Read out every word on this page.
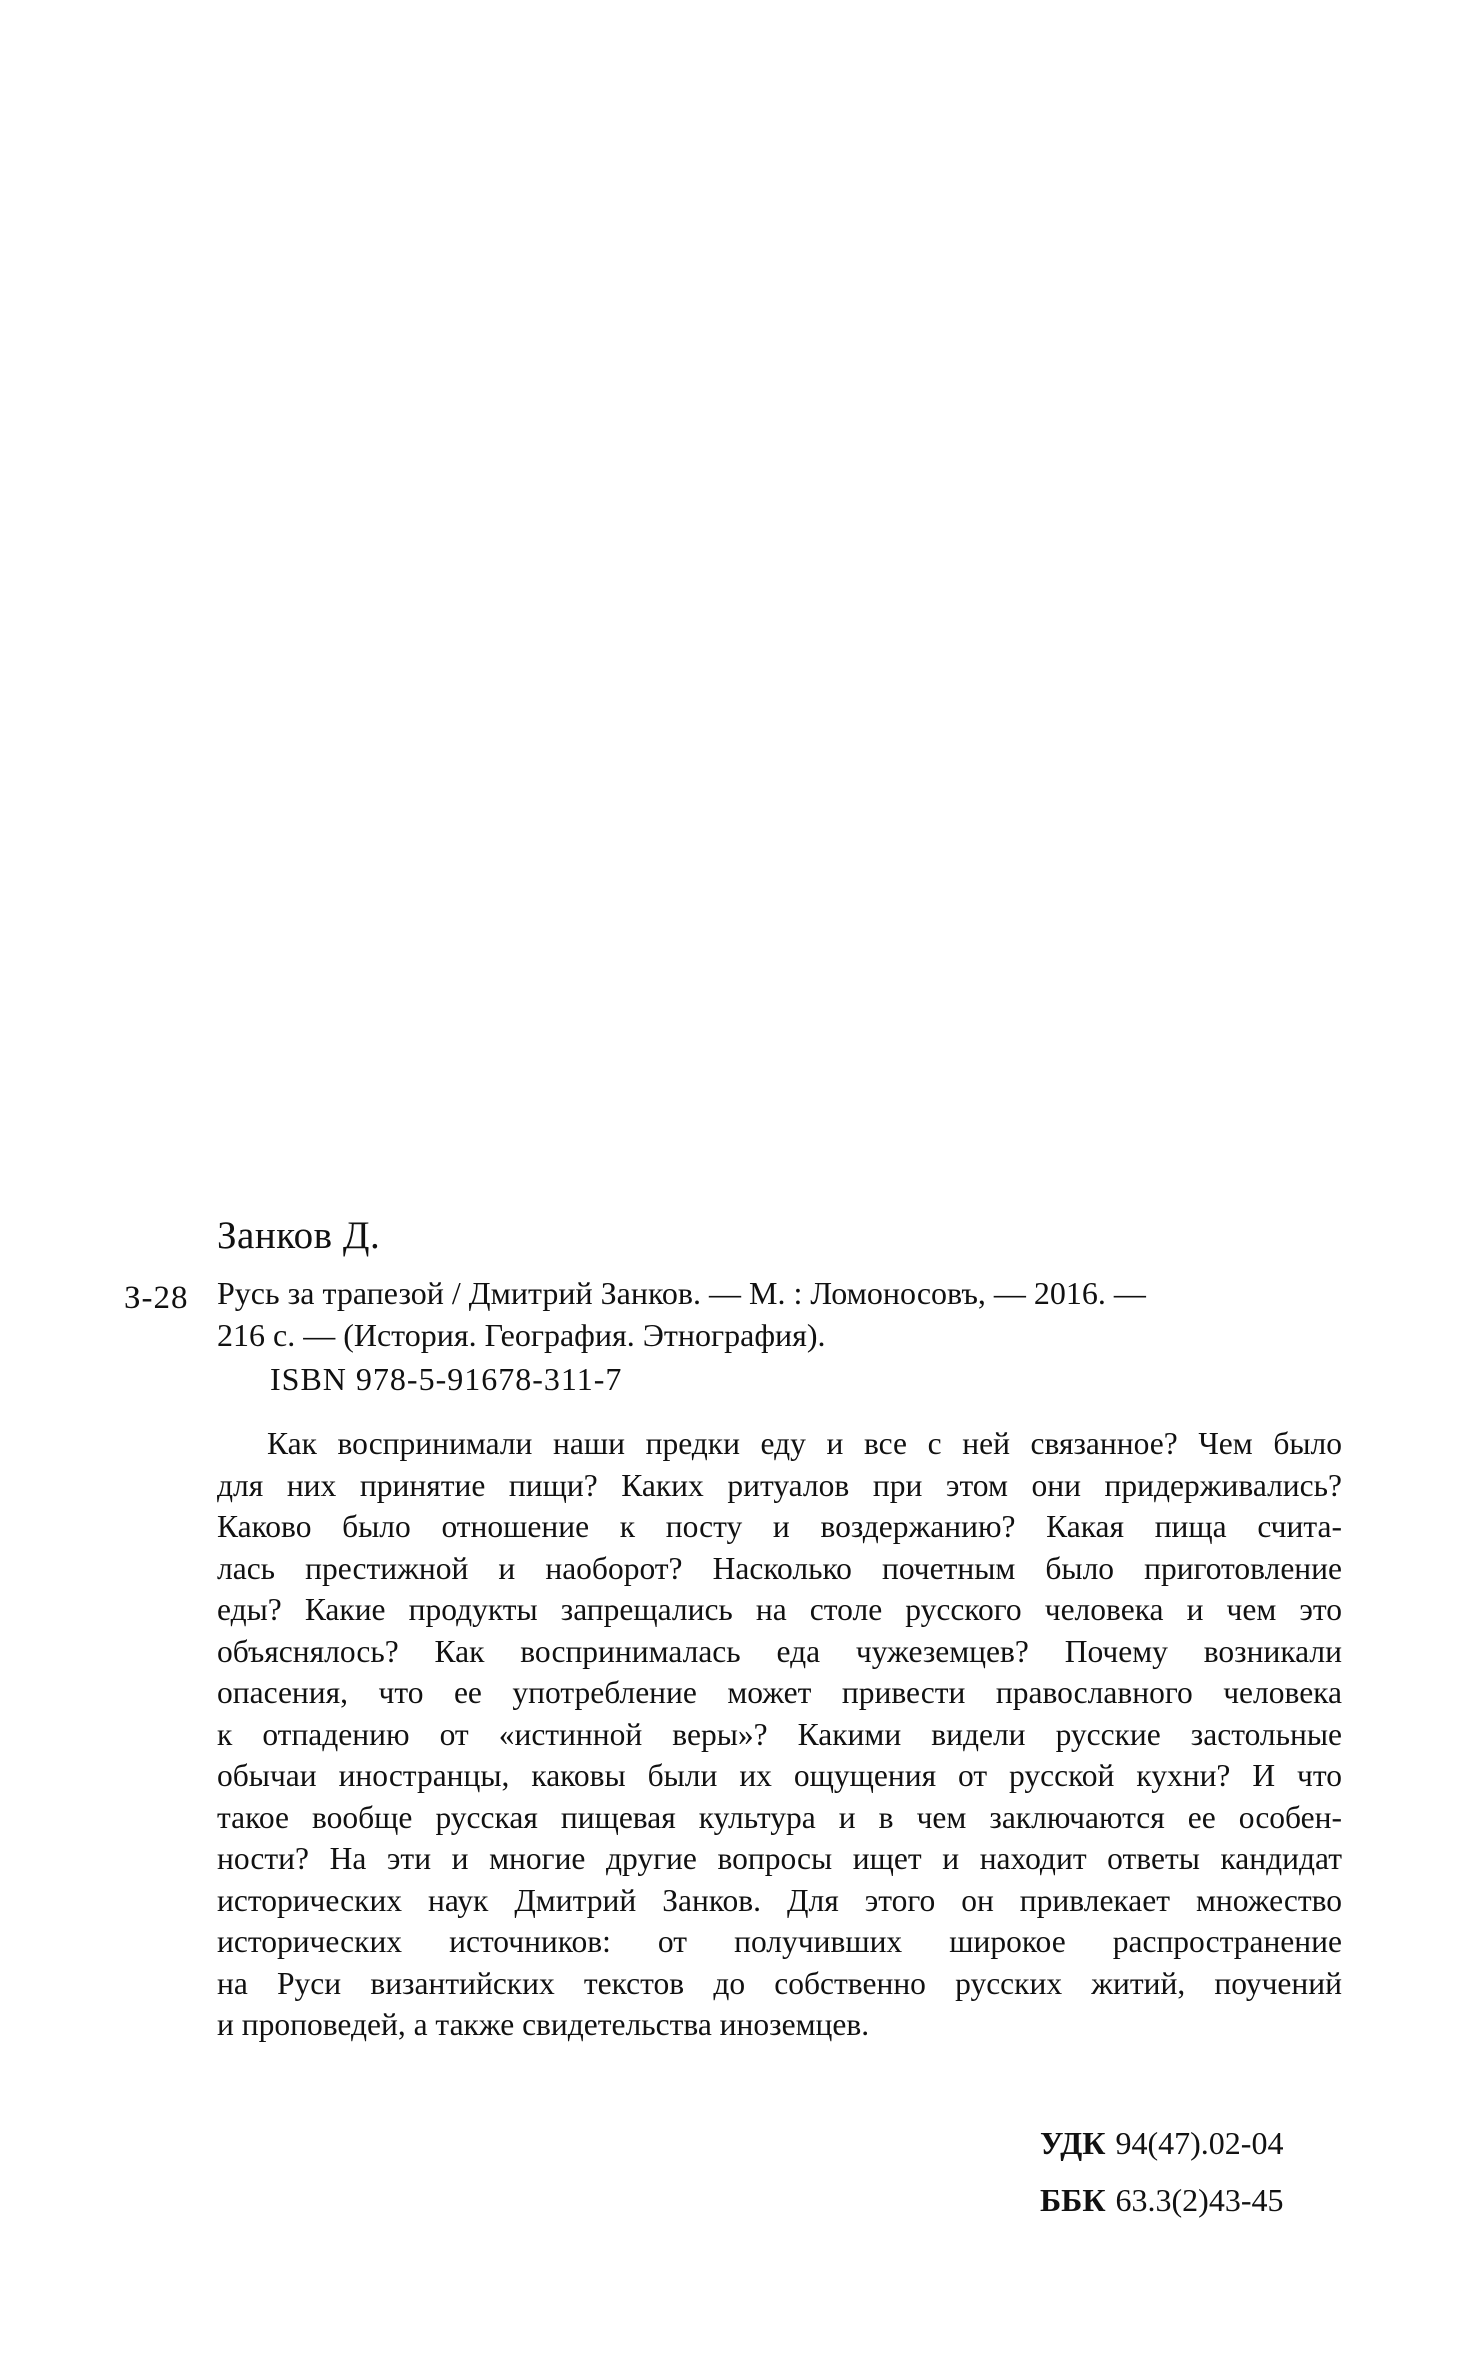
Занков Д.
З-28 Русь за трапезой / Дмитрий Занков. — М. : Ломоносовъ, — 2016. —
216 с. — (История. География. Этнография).
ISBN 978-5-91678-311-7
Как воспринимали наши предки еду и все с ней связанное? Чем было
для них принятие пищи? Каких ритуалов при этом они придерживались?
Каково было отношение к посту и воздержанию? Какая пища счита-
лась престижной и наоборот? Насколько почетным было приготовление
еды? Какие продукты запрещались на столе русского человека и чем это
объяснялось? Как воспринималась еда чужеземцев? Почему возникали
опасения, что ее употребление может привести православного человека
к отпадению от «истинной веры»? Какими видели русские застольные
обычаи иностранцы, каковы были их ощущения от русской кухни? И что
такое вообще русская пищевая культура и в чем заключаются ее особен-
ности? На эти и многие другие вопросы ищет и находит ответы кандидат
исторических наук Дмитрий Занков. Для этого он привлекает множество
исторических источников: от получивших широкое распространение
на Руси византийских текстов до собственно русских житий, поучений
и проповедей, а также свидетельства иноземцев.
УДК 94(47).02-04
ББК 63.3(2)43-45
